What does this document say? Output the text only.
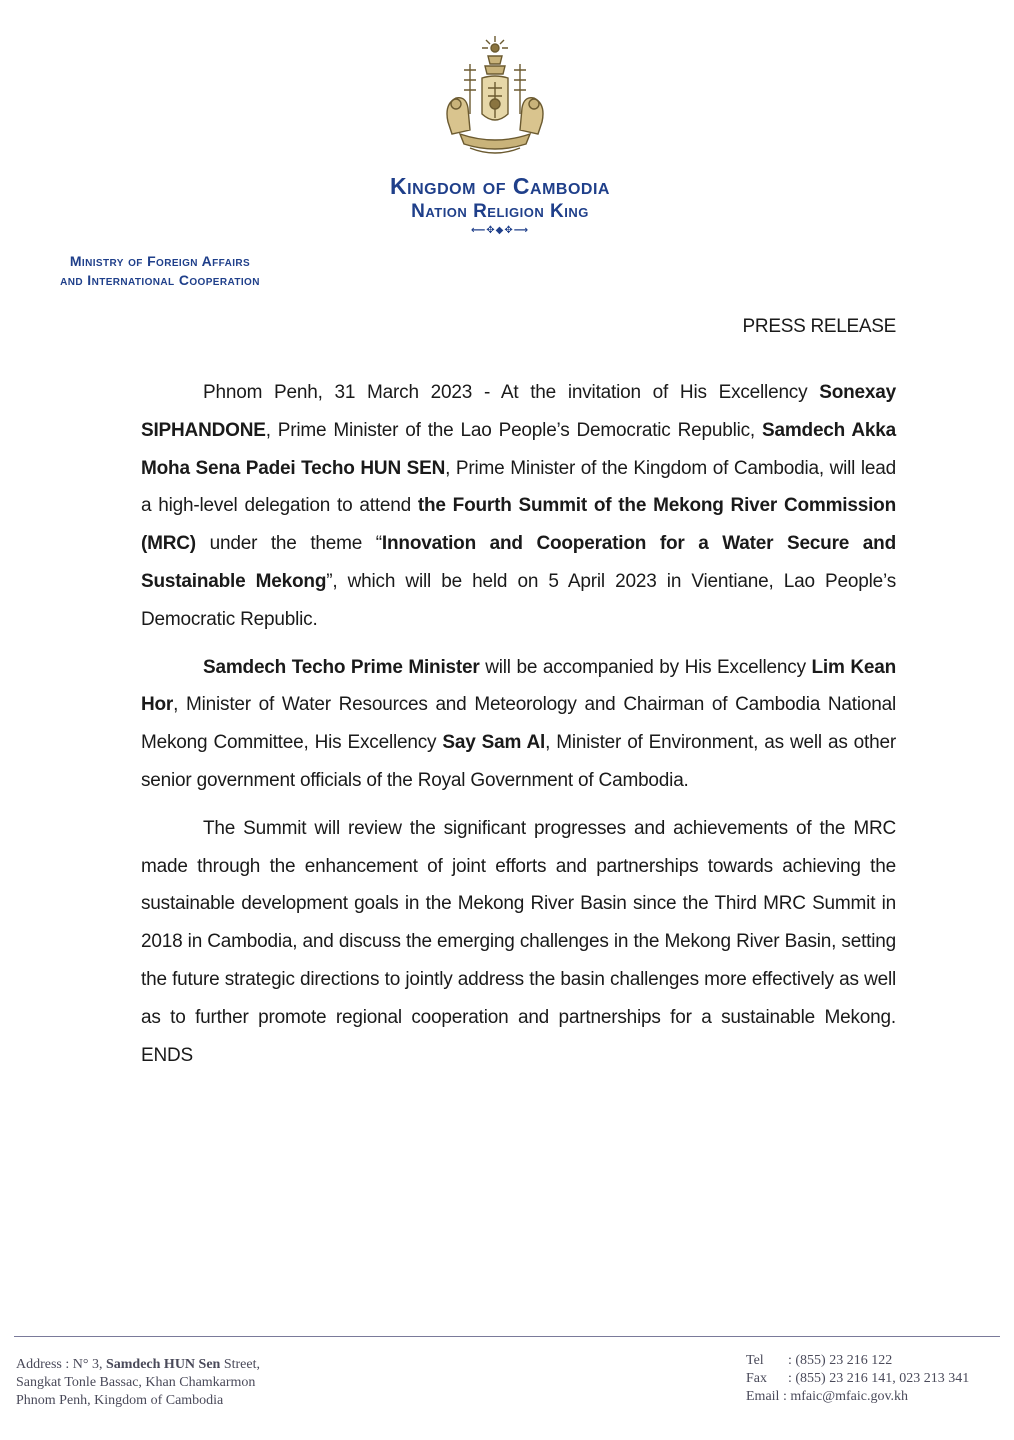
Kingdom of Cambodia
Nation Religion King
⟵✥◆✥⟶
Ministry of Foreign Affairs
and International Cooperation
PRESS RELEASE

Phnom Penh, 31 March 2023 - At the invitation of His Excellency Sonexay SIPHANDONE, Prime Minister of the Lao People’s Democratic Republic, Samdech Akka Moha Sena Padei Techo HUN SEN, Prime Minister of the Kingdom of Cambodia, will lead a high-level delegation to attend the Fourth Summit of the Mekong River Commission (MRC) under the theme “Innovation and Cooperation for a Water Secure and Sustainable Mekong”, which will be held on 5 April 2023 in Vientiane, Lao People’s Democratic Republic.

Samdech Techo Prime Minister will be accompanied by His Excellency Lim Kean Hor, Minister of Water Resources and Meteorology and Chairman of Cambodia National Mekong Committee, His Excellency Say Sam Al, Minister of Environment, as well as other senior government officials of the Royal Government of Cambodia.

The Summit will review the significant progresses and achievements of the MRC made through the enhancement of joint efforts and partnerships towards achieving the sustainable development goals in the Mekong River Basin since the Third MRC Summit in 2018 in Cambodia, and discuss the emerging challenges in the Mekong River Basin, setting the future strategic directions to jointly address the basin challenges more effectively as well as to further promote regional cooperation and partnerships for a sustainable Mekong. ENDS

Address : N° 3, Samdech HUN Sen Street,
Sangkat Tonle Bassac, Khan Chamkarmon
Phnom Penh, Kingdom of Cambodia
Tel : (855) 23 216 122
Fax : (855) 23 216 141, 023 213 341
Email : mfaic@mfaic.gov.kh
